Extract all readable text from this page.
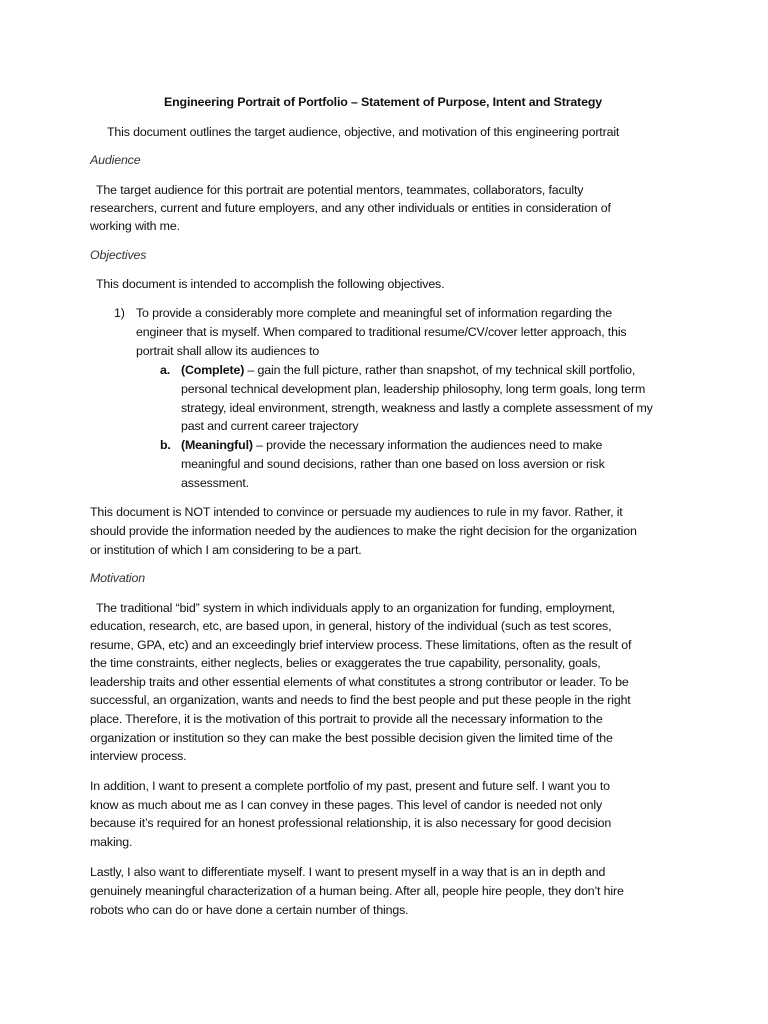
Engineering Portrait of Portfolio – Statement of Purpose, Intent and Strategy
This document outlines the target audience, objective, and motivation of this engineering portrait
Audience
The target audience for this portrait are potential mentors, teammates, collaborators, faculty
researchers, current and future employers, and any other individuals or entities in consideration of
working with me.
Objectives
This document is intended to accomplish the following objectives.
1) To provide a considerably more complete and meaningful set of information regarding the
engineer that is myself. When compared to traditional resume/CV/cover letter approach, this
portrait shall allow its audiences to
a. (Complete) – gain the full picture, rather than snapshot, of my technical skill portfolio,
personal technical development plan, leadership philosophy, long term goals, long term
strategy, ideal environment, strength, weakness and lastly a complete assessment of my
past and current career trajectory
b. (Meaningful) – provide the necessary information the audiences need to make
meaningful and sound decisions, rather than one based on loss aversion or risk
assessment.
This document is NOT intended to convince or persuade my audiences to rule in my favor. Rather, it
should provide the information needed by the audiences to make the right decision for the organization
or institution of which I am considering to be a part.
Motivation
The traditional “bid” system in which individuals apply to an organization for funding, employment,
education, research, etc, are based upon, in general, history of the individual (such as test scores,
resume, GPA, etc) and an exceedingly brief interview process. These limitations, often as the result of
the time constraints, either neglects, belies or exaggerates the true capability, personality, goals,
leadership traits and other essential elements of what constitutes a strong contributor or leader. To be
successful, an organization, wants and needs to find the best people and put these people in the right
place. Therefore, it is the motivation of this portrait to provide all the necessary information to the
organization or institution so they can make the best possible decision given the limited time of the
interview process.
In addition, I want to present a complete portfolio of my past, present and future self. I want you to
know as much about me as I can convey in these pages. This level of candor is needed not only
because it’s required for an honest professional relationship, it is also necessary for good decision
making.
Lastly, I also want to differentiate myself. I want to present myself in a way that is an in depth and
genuinely meaningful characterization of a human being. After all, people hire people, they don’t hire
robots who can do or have done a certain number of things.
